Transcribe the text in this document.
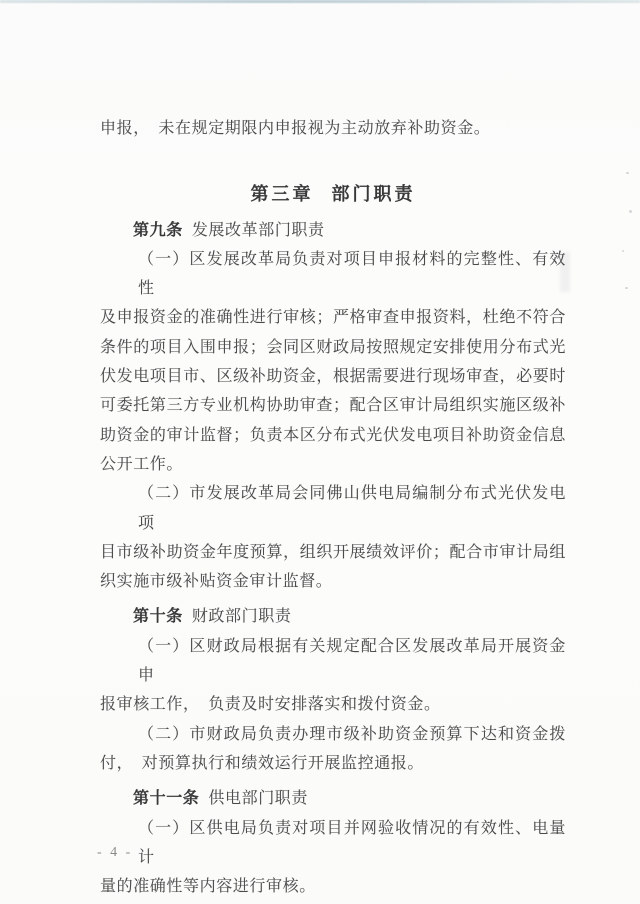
申报，　未在规定期限内申报视为主动放弃补助资金。
第三章 部门职责
第九条 发展改革部门职责
（一）区发展改革局负责对项目申报材料的完整性、有效性
及申报资金的准确性进行审核；严格审查申报资料，杜绝不符合
条件的项目入围申报；会同区财政局按照规定安排使用分布式光
伏发电项目市、区级补助资金，根据需要进行现场审查，必要时
可委托第三方专业机构协助审查；配合区审计局组织实施区级补
助资金的审计监督；负责本区分布式光伏发电项目补助资金信息
公开工作。
（二）市发展改革局会同佛山供电局编制分布式光伏发电项
目市级补助资金年度预算，组织开展绩效评价；配合市审计局组
织实施市级补贴资金审计监督。
第十条 财政部门职责
（一）区财政局根据有关规定配合区发展改革局开展资金申
报审核工作，　负责及时安排落实和拨付资金。
（二）市财政局负责办理市级补助资金预算下达和资金拨
付，　对预算执行和绩效运行开展监控通报。
第十一条 供电部门职责
（一）区供电局负责对项目并网验收情况的有效性、电量计
量的准确性等内容进行审核。
- 4 -
